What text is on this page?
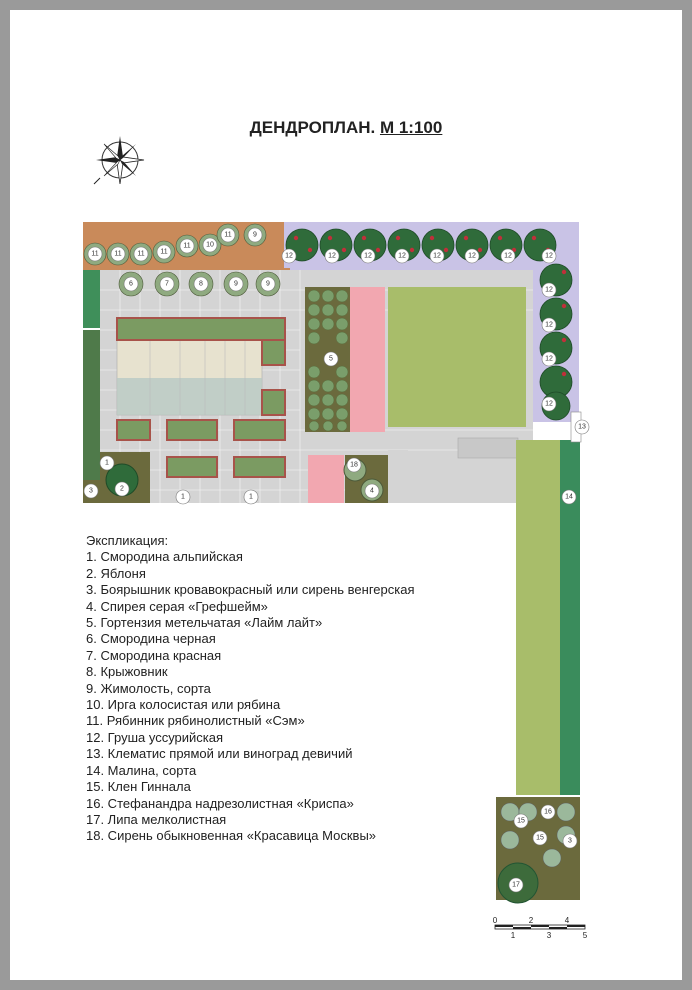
ДЕНДРОПЛАН. М 1:100
11 11 11 11
11 10
11	9
6	7	8	9	9
12	12	12	12	12	12	12	12
12
12
12
12
5
1
2
3
1	1
18
4
13
14
16
15
15	3
17
Экспликация:
1. Смородина альпийская
2. Яблоня
3. Боярышник кровавокрасный или сирень венгерская
4. Спирея серая «Грефшейм»
5. Гортензия метельчатая «Лайм лайт»
6. Смородина черная
7. Смородина красная
8. Крыжовник
9. Жимолость, сорта
10. Ирга колосистая или рябина
11. Рябинник рябинолистный «Сэм»
12. Груша уссурийская
13. Клематис прямой или виноград девичий
14. Малина, сорта
15. Клен Гиннала
16. Стефанандра надрезолистная «Криспа»
17. Липа мелколистная
18. Сирень обыкновенная «Красавица Москвы»
0	2	4
1	3	5
